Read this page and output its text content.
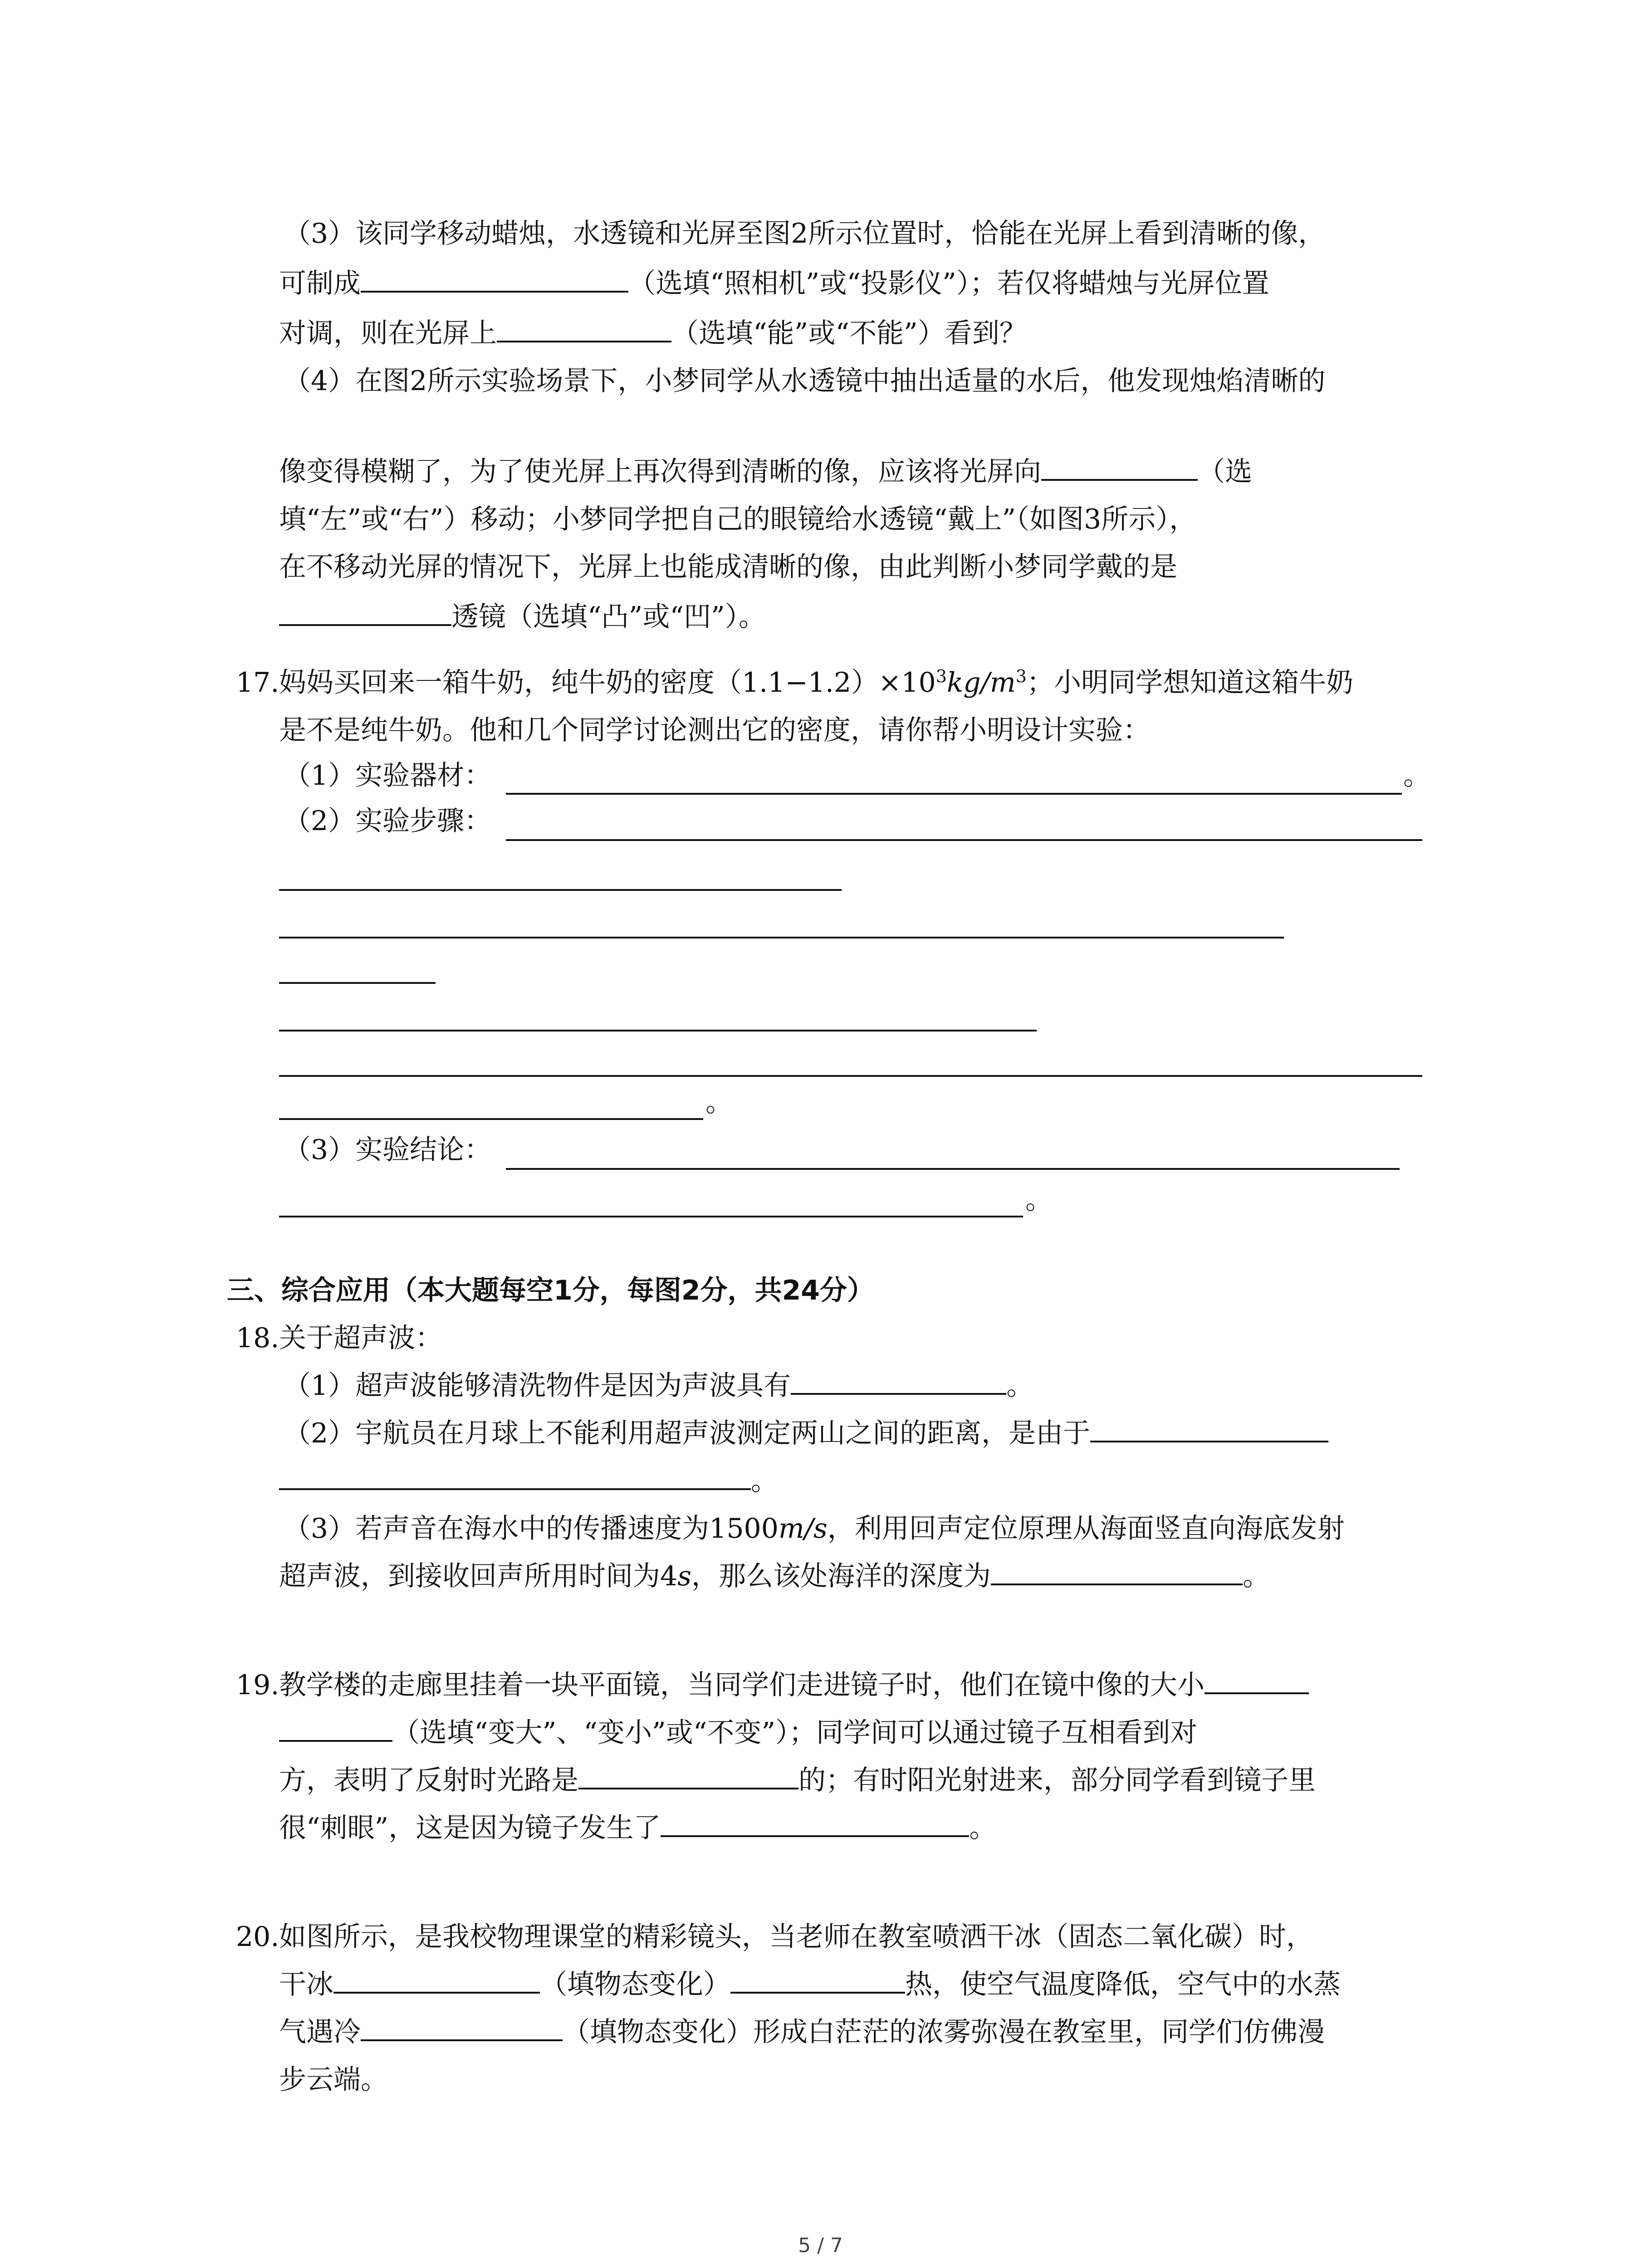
（3）该同学移动蜡烛，水透镜和光屏至图2所示位置时，恰能在光屏上看到清晰的像，
可制成	（选填“照相机”或“投影仪”）；若仅将蜡烛与光屏位置
对调，则在光屏上	（选填“能”或“不能”）看到？
（4）在图2所示实验场景下，小梦同学从水透镜中抽出适量的水后，他发现烛焰清晰的
像变得模糊了，为了使光屏上再次得到清晰的像，应该将光屏向	（选
填“左”或“右”）移动；小梦同学把自己的眼镜给水透镜“戴上”（如图3所示），
在不移动光屏的情况下，光屏上也能成清晰的像，由此判断小梦同学戴的是
透镜（选填“凸”或“凹”）。
17. 妈妈买回来一箱牛奶，纯牛奶的密度$(1.1-1.2)\times 10^3kg/m^3$；小明同学想知道这箱牛奶
是不是纯牛奶。他和几个同学讨论测出它的密度，请你帮小明设计实验：
（1）实验器材：	。
（2）实验步骤：
。
（3）实验结论：
。
三、综合应用（本大题每空1分，每图2分，共24分）
18. 关于超声波：
（1）超声波能够清洗物件是因为声波具有	。
（2）宇航员在月球上不能利用超声波测定两山之间的距离，是由于
。
（3）若声音在海水中的传播速度为1500m/s，利用回声定位原理从海面竖直向海底发射
超声波，到接收回声所用时间为4s，那么该处海洋的深度为	。
19. 教学楼的走廊里挂着一块平面镜，当同学们走进镜子时，他们在镜中像的大小
（选填“变大”、“变小”或“不变”）；同学间可以通过镜子互相看到对
方，表明了反射时光路是	的；有时阳光射进来，部分同学看到镜子里
很“刺眼”，这是因为镜子发生了	。
20. 如图所示，是我校物理课堂的精彩镜头，当老师在教室喷洒干冰（固态二氧化碳）时，
干冰	（填物态变化）	热，使空气温度降低，空气中的水蒸
气遇冷	（填物态变化）形成白茫茫的浓雾弥漫在教室里，同学们仿佛漫
步云端。
5 / 7
